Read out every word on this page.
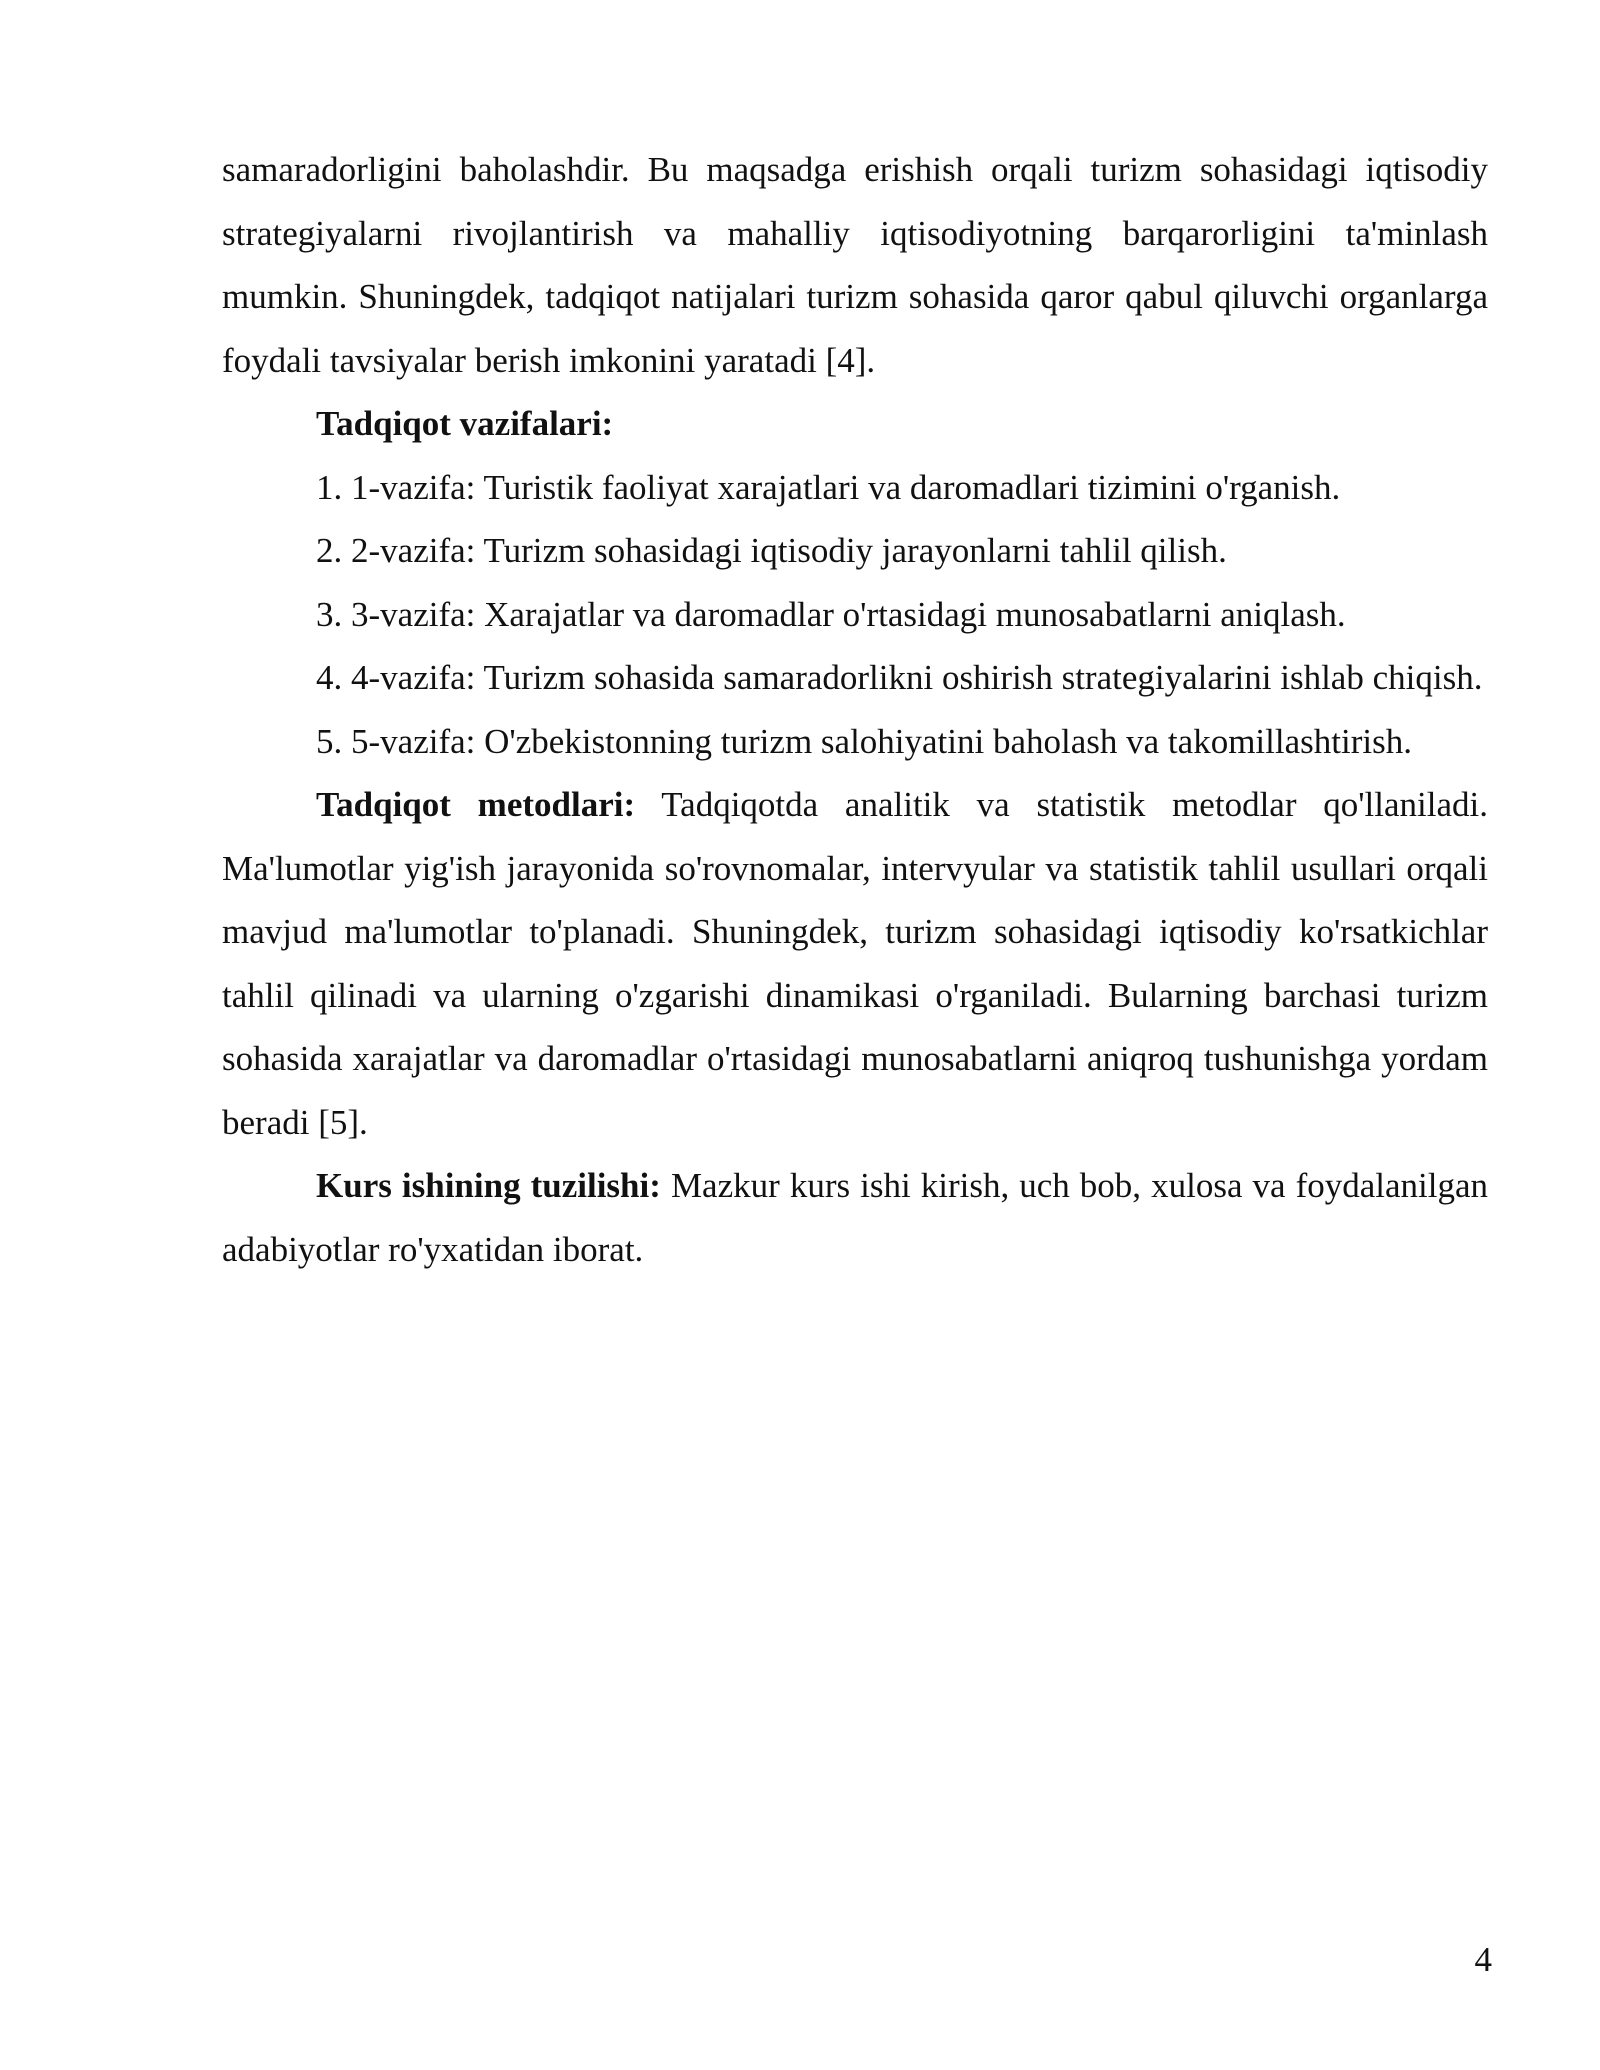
samaradorligini baholashdir. Bu maqsadga erishish orqali turizm sohasidagi iqtisodiy strategiyalarni rivojlantirish va mahalliy iqtisodiyotning barqarorligini ta'minlash mumkin. Shuningdek, tadqiqot natijalari turizm sohasida qaror qabul qiluvchi organlarga foydali tavsiyalar berish imkonini yaratadi [4].

Tadqiqot vazifalari:

1. 1-vazifa: Turistik faoliyat xarajatlari va daromadlari tizimini o'rganish.

2. 2-vazifa: Turizm sohasidagi iqtisodiy jarayonlarni tahlil qilish.

3. 3-vazifa: Xarajatlar va daromadlar o'rtasidagi munosabatlarni aniqlash.

4. 4-vazifa: Turizm sohasida samaradorlikni oshirish strategiyalarini ishlab chiqish.

5. 5-vazifa: O'zbekistonning turizm salohiyatini baholash va takomillashtirish.

Tadqiqot metodlari: Tadqiqotda analitik va statistik metodlar qo'llaniladi. Ma'lumotlar yig'ish jarayonida so'rovnomalar, intervyular va statistik tahlil usullari orqali mavjud ma'lumotlar to'planadi. Shuningdek, turizm sohasidagi iqtisodiy ko'rsatkichlar tahlil qilinadi va ularning o'zgarishi dinamikasi o'rganiladi. Bularning barchasi turizm sohasida xarajatlar va daromadlar o'rtasidagi munosabatlarni aniqroq tushunishga yordam beradi [5].

Kurs ishining tuzilishi: Mazkur kurs ishi kirish, uch bob, xulosa va foydalanilgan adabiyotlar ro'yxatidan iborat.

4
